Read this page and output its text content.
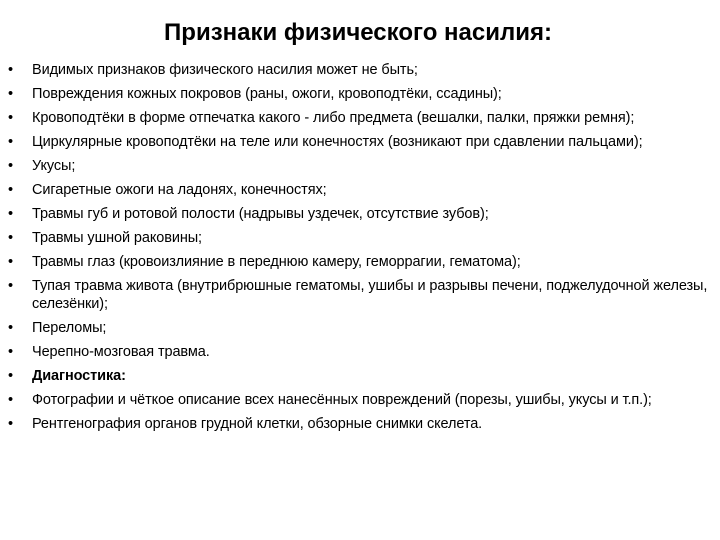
Признаки физического насилия:
•	Видимых признаков физического насилия может не быть;
•	Повреждения кожных покровов (раны, ожоги, кровоподтёки, ссадины);
•	Кровоподтёки в форме отпечатка какого - либо предмета (вешалки, палки, пряжки ремня);
•	Циркулярные кровоподтёки на теле или конечностях (возникают при сдавлении пальцами);
•	Укусы;
•	Сигаретные ожоги на ладонях, конечностях;
•	Травмы губ и ротовой полости (надрывы уздечек, отсутствие зубов);
•	Травмы ушной раковины;
•	Травмы глаз (кровоизлияние в переднюю камеру, геморрагии, гематома);
•	Тупая травма живота (внутрибрюшные гематомы, ушибы и разрывы печени, поджелудочной железы, селезёнки);
•	Переломы;
•	Черепно-мозговая травма.
•	Диагностика:
•	Фотографии и чёткое описание всех нанесённых повреждений (порезы, ушибы, укусы и т.п.);
•	Рентгенография органов грудной клетки, обзорные снимки скелета.
